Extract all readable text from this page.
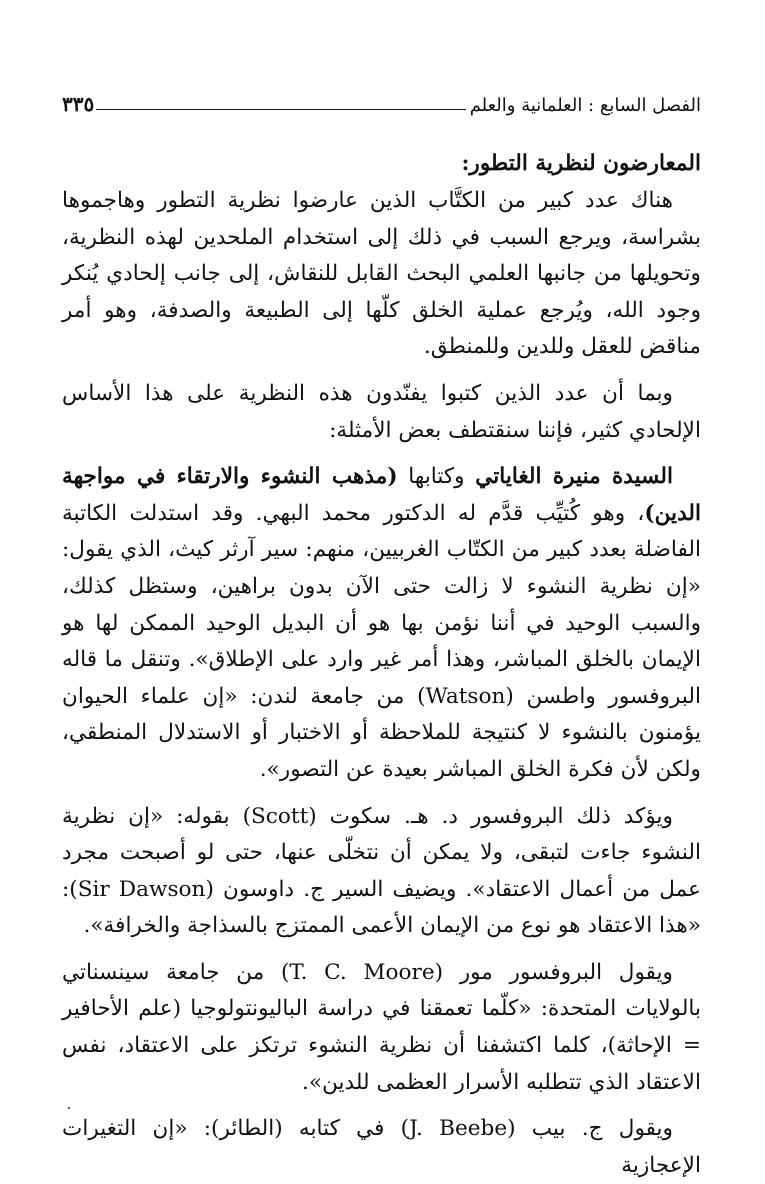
الفصل السابع : العلمانية والعلم
٣٣٥
المعارضون لنظرية التطور:

هناك عدد كبير من الكتَّاب الذين عارضوا نظرية التطور وهاجموها بشراسة، ويرجع السبب في ذلك إلى استخدام الملحدين لهذه النظرية، وتحويلها من جانبها العلمي البحث القابل للنقاش، إلى جانب إلحادي يُنكر وجود الله، ويُرجع عملية الخلق كلّها إلى الطبيعة والصدفة، وهو أمر مناقض للعقل وللدين وللمنطق.

وبما أن عدد الذين كتبوا يفنّدون هذه النظرية على هذا الأساس الإلحادي كثير، فإننا سنقتطف بعض الأمثلة:

السيدة منيرة الغاياتي وكتابها (مذهب النشوء والارتقاء في مواجهة الدين)، وهو كُتيِّب قدَّم له الدكتور محمد البهي. وقد استدلت الكاتبة الفاضلة بعدد كبير من الكتّاب الغربيين، منهم: سير آرثر كيث، الذي يقول: «إن نظرية النشوء لا زالت حتى الآن بدون براهين، وستظل كذلك، والسبب الوحيد في أننا نؤمن بها هو أن البديل الوحيد الممكن لها هو الإيمان بالخلق المباشر، وهذا أمر غير وارد على الإطلاق». وتنقل ما قاله البروفسور واطسن (Watson) من جامعة لندن: «إن علماء الحيوان يؤمنون بالنشوء لا كنتيجة للملاحظة أو الاختبار أو الاستدلال المنطقي، ولكن لأن فكرة الخلق المباشر بعيدة عن التصور».

ويؤكد ذلك البروفسور د. هـ. سكوت (Scott) بقوله: «إن نظرية النشوء جاءت لتبقى، ولا يمكن أن نتخلّى عنها، حتى لو أصبحت مجرد عمل من أعمال الاعتقاد». ويضيف السير ج. داوسون (Sir Dawson): «هذا الاعتقاد هو نوع من الإيمان الأعمى الممتزج بالسذاجة والخرافة».

ويقول البروفسور مور (T. C. Moore) من جامعة سينسناتي بالولايات المتحدة: «كلّما تعمقنا في دراسة الباليونتولوجيا (علم الأحافير = الإحاثة)، كلما اكتشفنا أن نظرية النشوء ترتكز على الاعتقاد، نفس الاعتقاد الذي تتطلبه الأسرار العظمى للدين».

ويقول ج. بيب (J. Beebe) في كتابه (الطائر): «إن التغيرات الإعجازية
